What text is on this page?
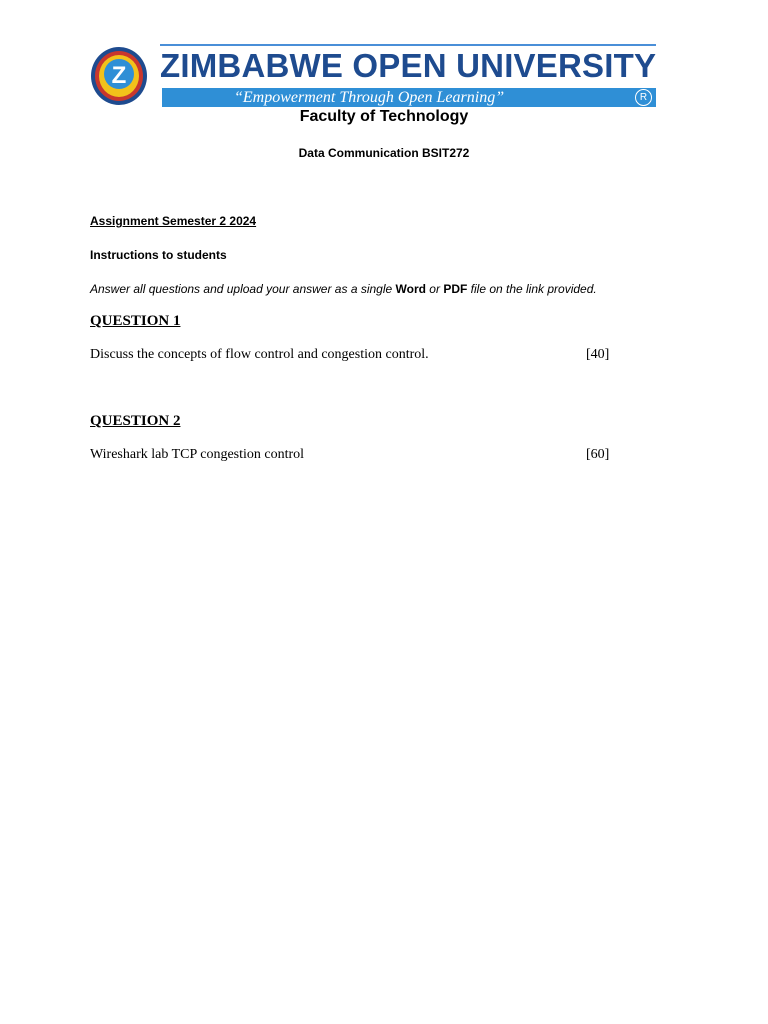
Z ZIMBABWE OPEN UNIVERSITY
“Empowerment Through Open Learning”	R
Faculty of Technology
Data Communication BSIT272
Assignment Semester 2 2024
Instructions to students
Answer all questions and upload your answer as a single Word or PDF file on the link provided.
QUESTION 1
Discuss the concepts of flow control and congestion control.	[40]
QUESTION 2
Wireshark lab TCP congestion control	[60]
